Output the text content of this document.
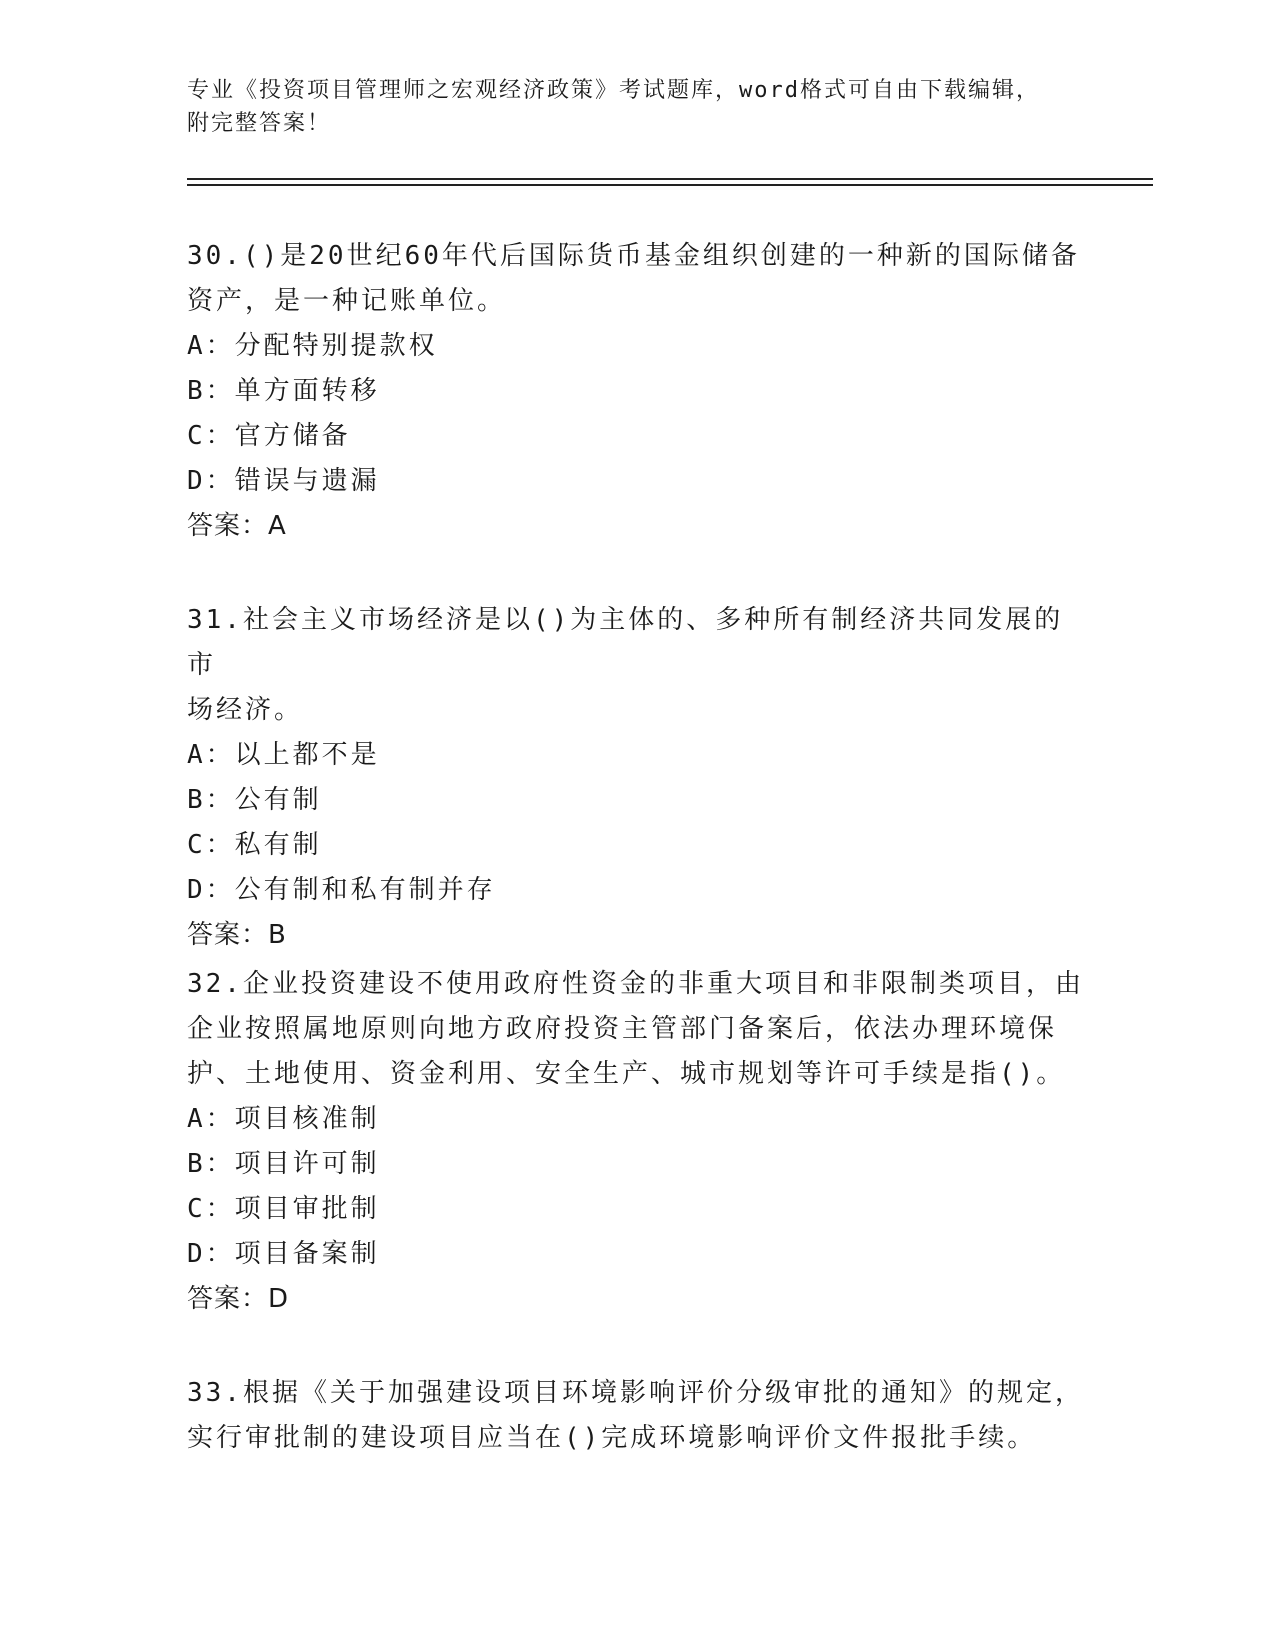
专业《投资项目管理师之宏观经济政策》考试题库，word格式可自由下载编辑，
附完整答案！
30.()是20世纪60年代后国际货币基金组织创建的一种新的国际储备
资产，是一种记账单位。
A：分配特别提款权
B：单方面转移
C：官方储备
D：错误与遗漏
答案：A
31.社会主义市场经济是以()为主体的、多种所有制经济共同发展的市
场经济。
A：以上都不是
B：公有制
C：私有制
D：公有制和私有制并存
答案：B
32.企业投资建设不使用政府性资金的非重大项目和非限制类项目，由
企业按照属地原则向地方政府投资主管部门备案后，依法办理环境保
护、土地使用、资金利用、安全生产、城市规划等许可手续是指()。
A：项目核准制
B：项目许可制
C：项目审批制
D：项目备案制
答案：D
33.根据《关于加强建设项目环境影响评价分级审批的通知》的规定，
实行审批制的建设项目应当在()完成环境影响评价文件报批手续。
